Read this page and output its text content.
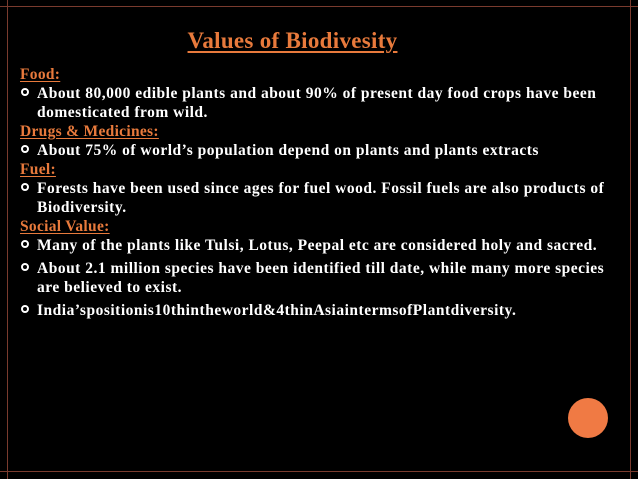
Values of Biodivesity
Food:
About 80,000 edible plants and about 90% of present day food crops have been domesticated from wild.
Drugs & Medicines:
About 75% of world’s population depend on plants and plants extracts
Fuel:
Forests have been used since ages for fuel wood. Fossil fuels are also products of Biodiversity.
Social Value:
Many of the plants like Tulsi, Lotus, Peepal etc are considered holy and sacred.
About 2.1 million species have been identified till date, while many more species are believed to exist.
India’spositionis10thintheworld&4thinAsiaintermsofPlantdiversity.
